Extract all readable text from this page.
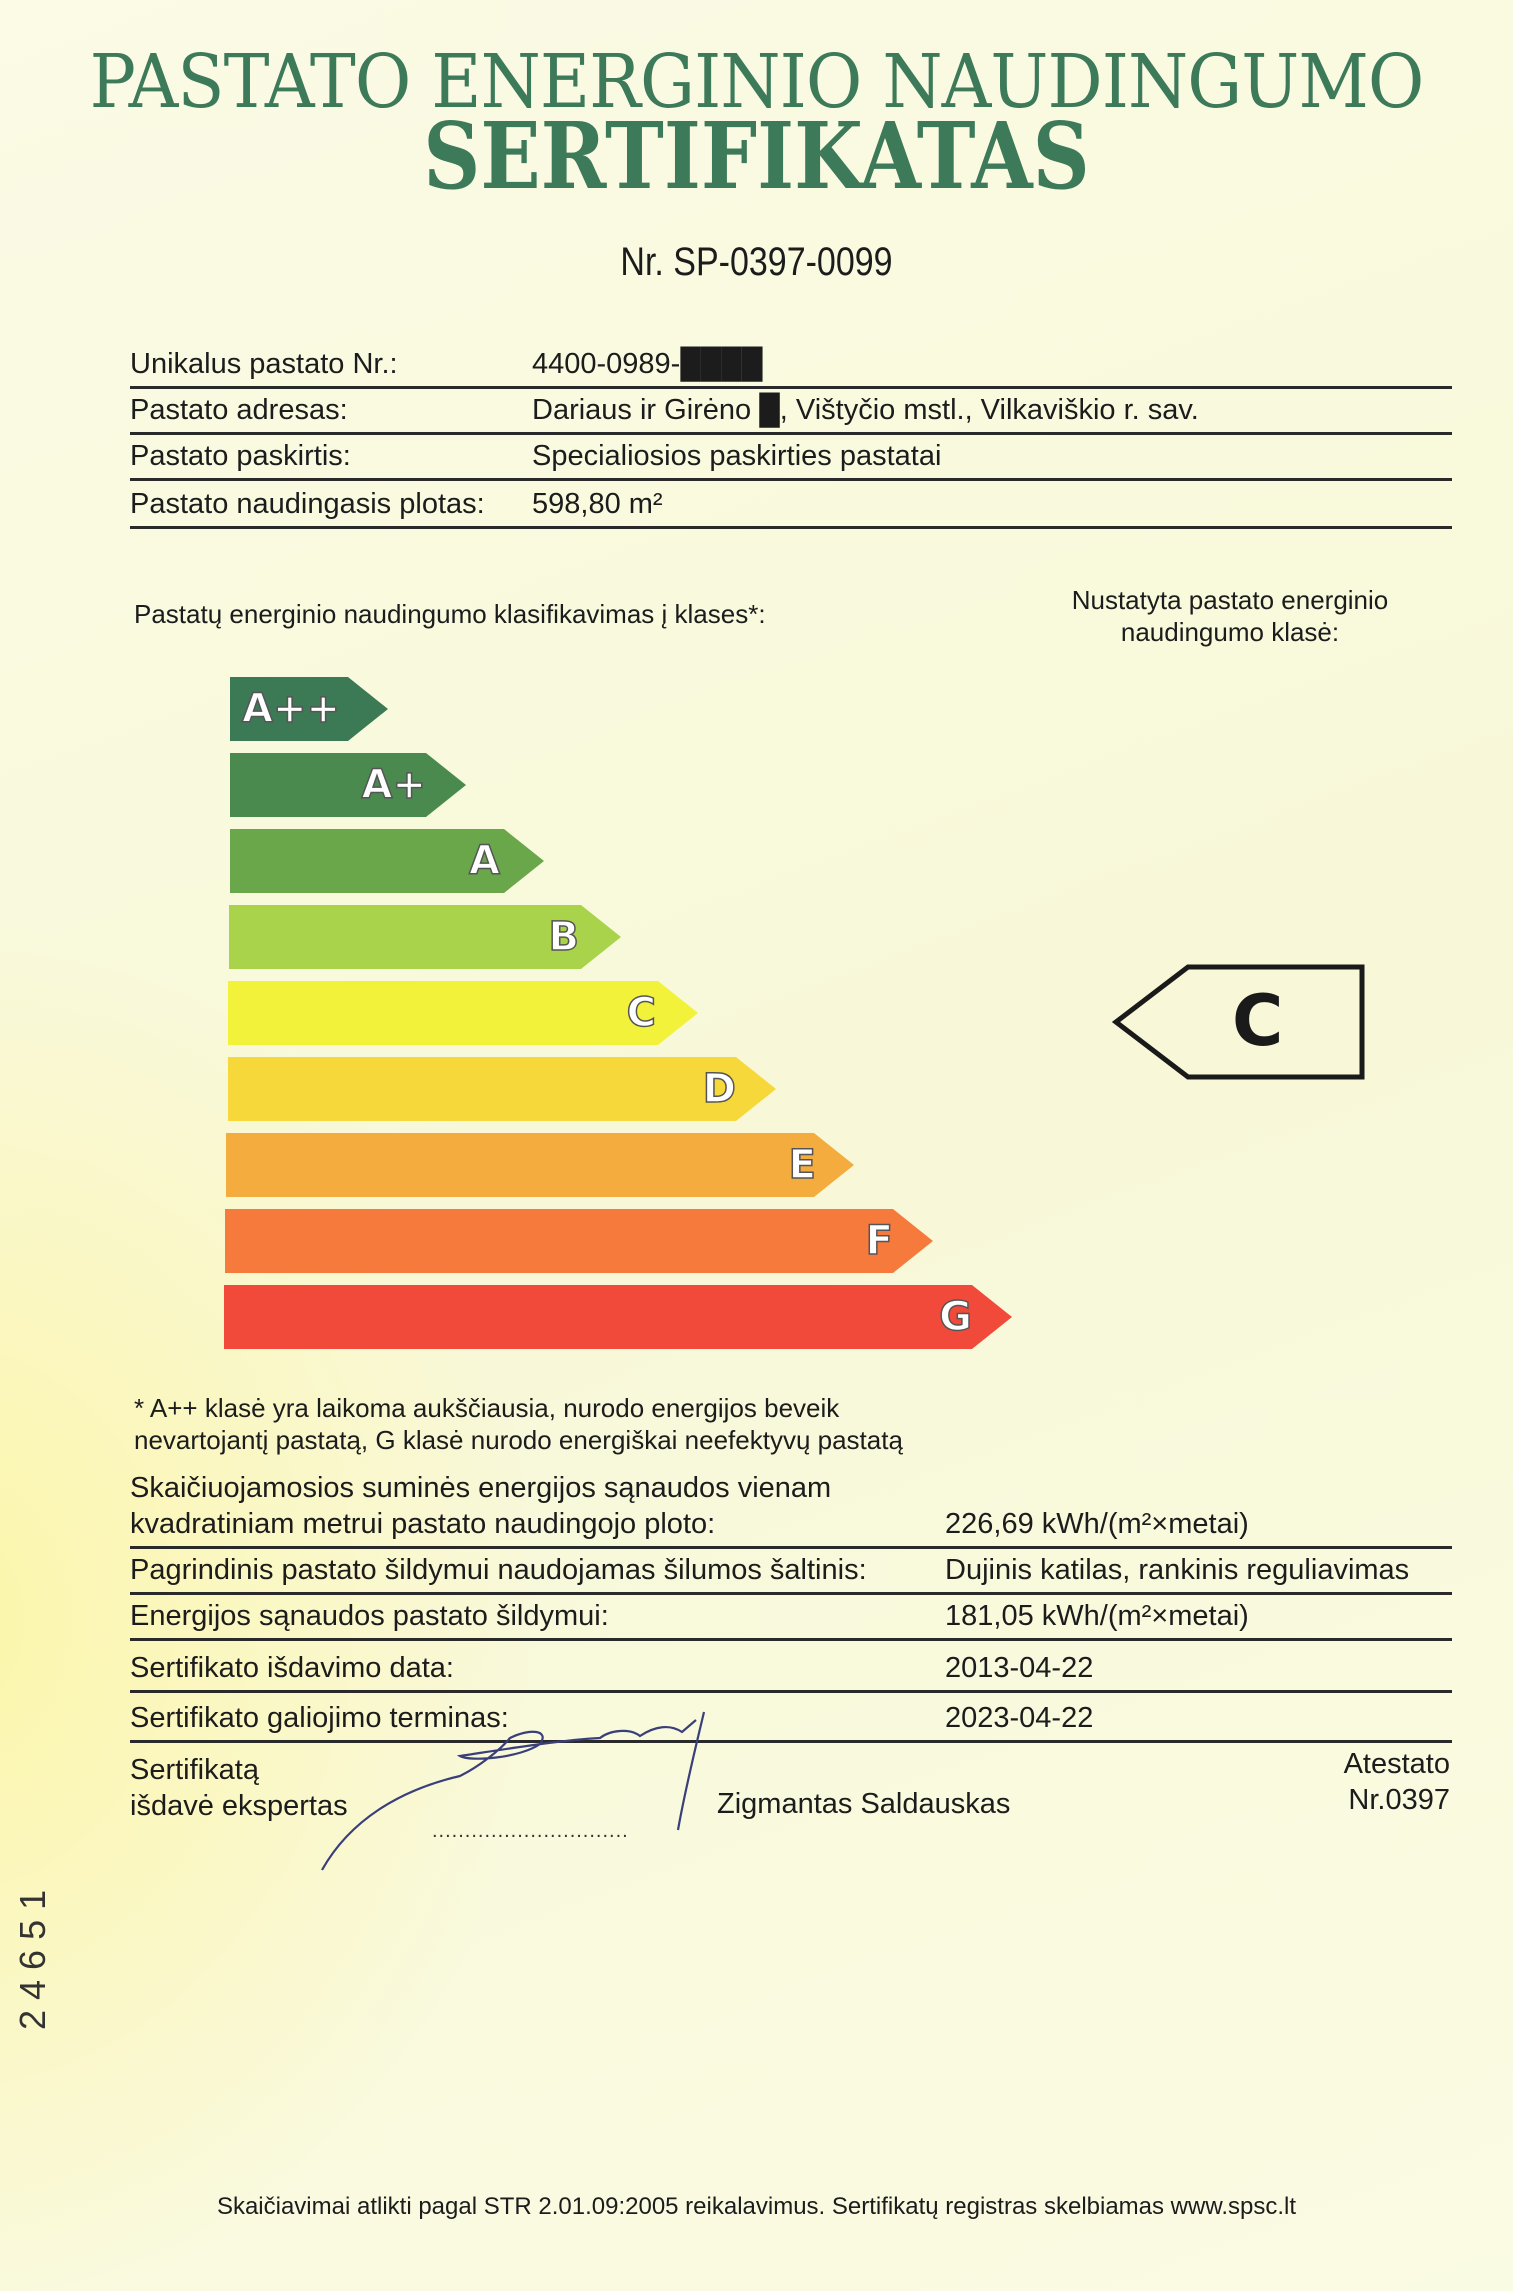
PASTATO ENERGINIO NAUDINGUMO
SERTIFIKATAS
Nr. SP-0397-0099
Unikalus pastato Nr.:	4400-0989-████
Pastato adresas:	Dariaus ir Girėno █, Vištyčio mstl., Vilkaviškio r. sav.
Pastato paskirtis:	Specialiosios paskirties pastatai
Pastato naudingasis plotas: 598,80 m²
Pastatų energinio naudingumo klasifikavimas į klases*:	Nustatyta pastato energinio
naudingumo klasė:
A++
A+
A
B
C
D
E
F
G
C
* A++ klasė yra laikoma aukščiausia, nurodo energijos beveik
nevartojantį pastatą, G klasė nurodo energiškai neefektyvų pastatą
Skaičiuojamosios suminės energijos sąnaudos vienam
kvadratiniam metrui pastato naudingojo ploto:	226,69 kWh/(m²×metai)
Pagrindinis pastato šildymui naudojamas šilumos šaltinis:	Dujinis katilas, rankinis reguliavimas
Energijos sąnaudos pastato šildymui:	181,05 kWh/(m²×metai)
Sertifikato išdavimo data:	2013-04-22
Sertifikato galiojimo terminas:	2023-04-22
Sertifikatą
išdavė ekspertas
..............................
Zigmantas Saldauskas
Atestato
Nr.0397
24651
Skaičiavimai atlikti pagal STR 2.01.09:2005 reikalavimus. Sertifikatų registras skelbiamas www.spsc.lt
